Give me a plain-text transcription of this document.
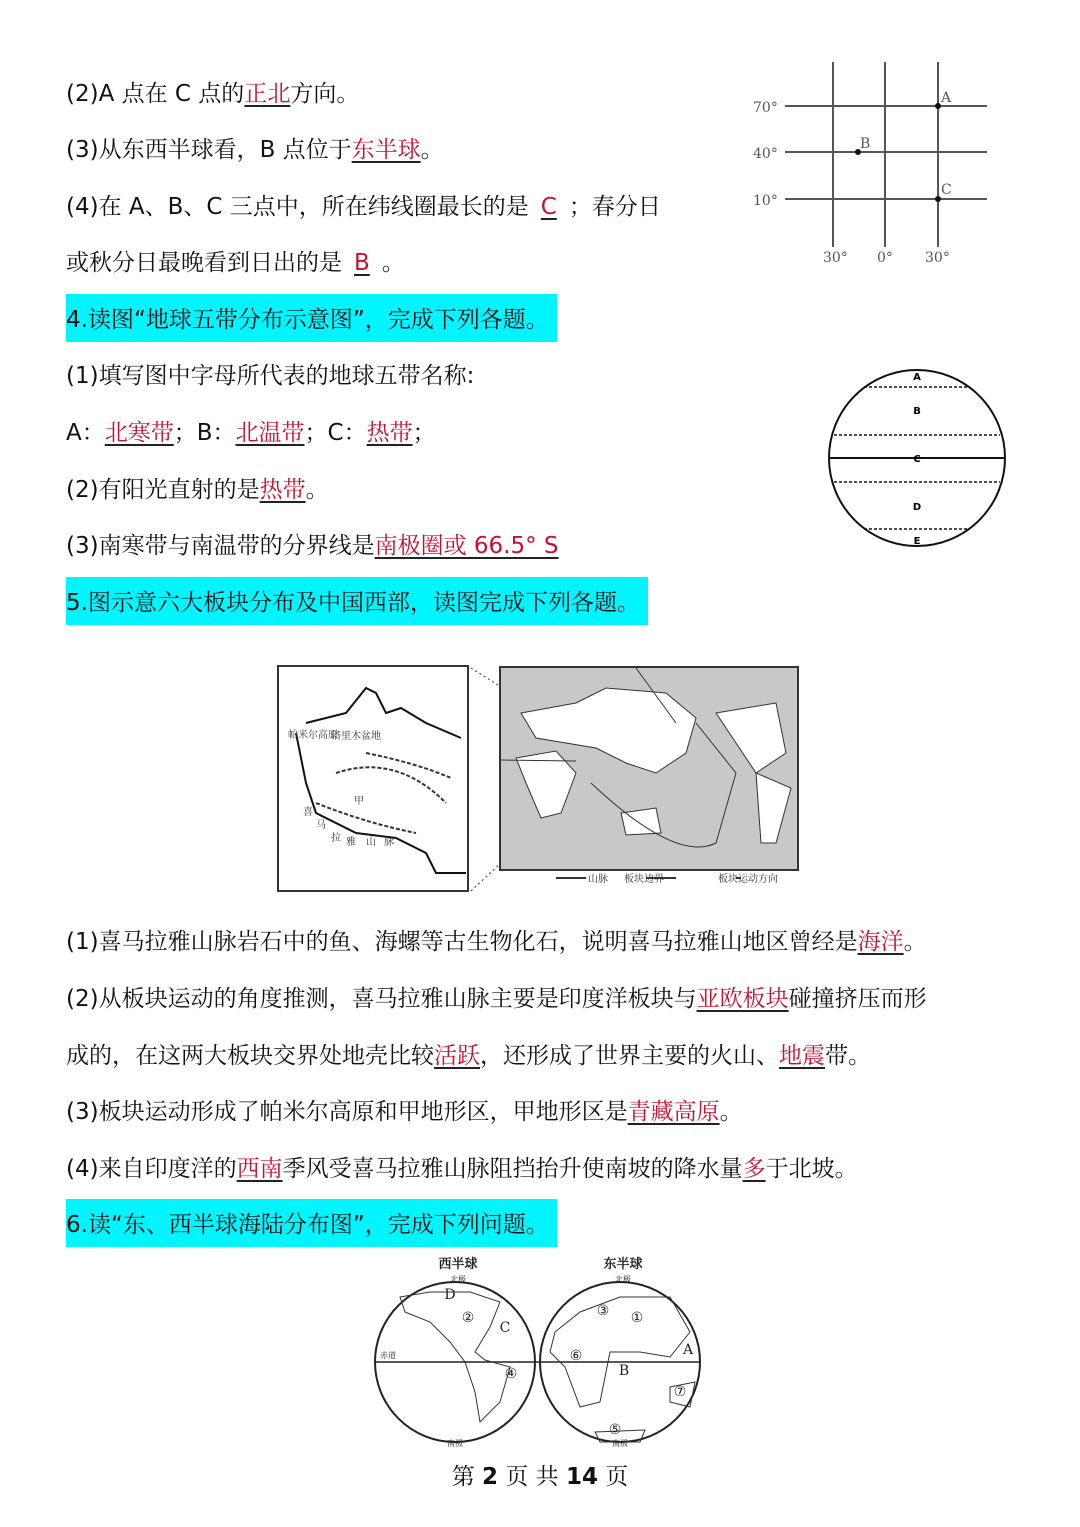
(2)A 点在 C 点的正北方向。
(3)从东西半球看，B 点位于东半球。
(4)在 A、B、C 三点中，所在纬线圈最长的是 C ；春分日
或秋分日最晚看到日出的是 B 。
70°
40°
10°
30° 0° 30°
A
B
C
4.读图“地球五带分布示意图”，完成下列各题。
(1)填写图中字母所代表的地球五带名称:
A：北寒带；B：北温带；C：热带；
(2)有阳光直射的是热带。
(3)南寒带与南温带的分界线是南极圈或 66.5° S
A
B
C
D
E
5.图示意六大板块分布及中国西部，读图完成下列各题。
帕米尔高原
塔里木盆地
甲
喜
马
拉 雅 山 脉
山脉 板块边界	板块运动方向
(1)喜马拉雅山脉岩石中的鱼、海螺等古生物化石，说明喜马拉雅山地区曾经是海洋。
(2)从板块运动的角度推测，喜马拉雅山脉主要是印度洋板块与亚欧板块碰撞挤压而形
成的，在这两大板块交界处地壳比较活跃，还形成了世界主要的火山、地震带。
(3)板块运动形成了帕米尔高原和甲地形区，甲地形区是青藏高原。
(4)来自印度洋的西南季风受喜马拉雅山脉阻挡抬升使南坡的降水量多于北坡。
6.读“东、西半球海陆分布图”，完成下列问题。
西半球	东半球
北极	北极
南极	南极
赤道
D
②
C
④
③ ①
⑥	A
B
⑦
⑤
第 2 页 共 14 页
